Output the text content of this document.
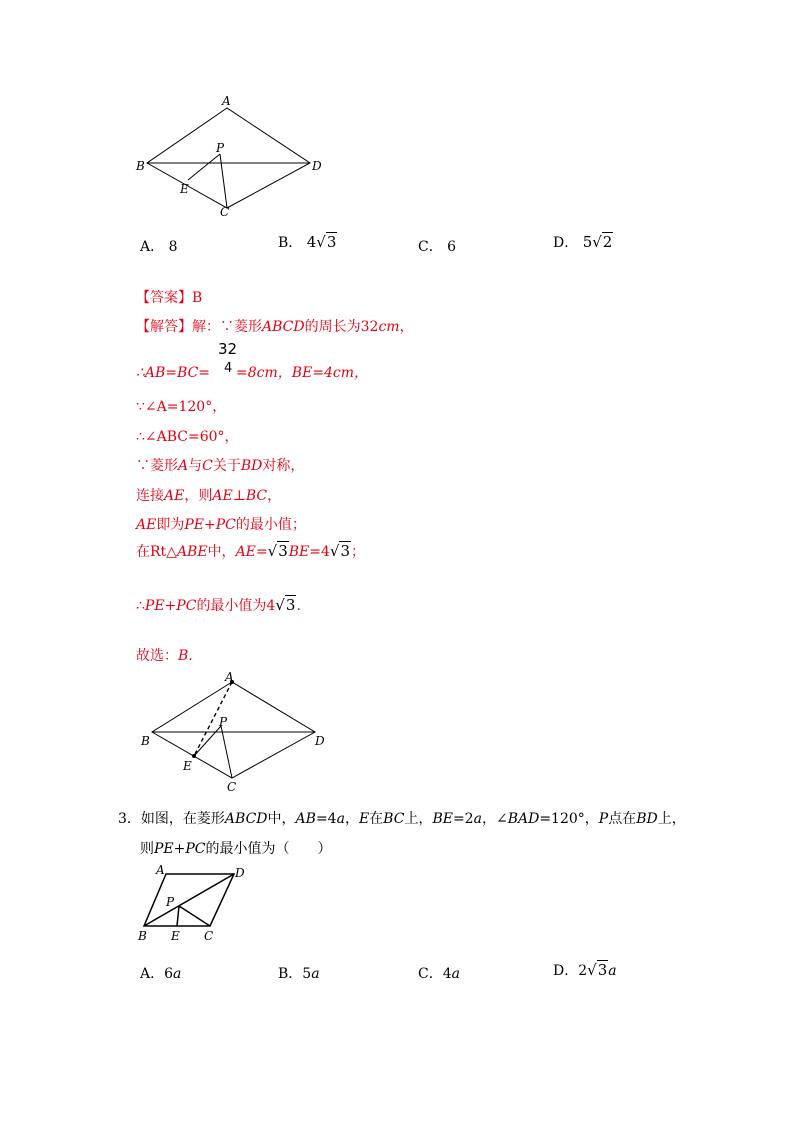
A
B
C
D
P
E
A． 8	B． 4√3	C． 6	D． 5√2
【答案】B
【解答】解：∵菱形ABCD的周长为32cm，
∴AB=BC= =8cm，BE=4cm，
32
4
∵∠A=120°，
∴∠ABC=60°，
∵菱形A与C关于BD对称，
连接AE，则AE⊥BC，
AE即为PE+PC的最小值；
在Rt△ABE中，AE=√3BE=4√3；
∴PE+PC的最小值为4√3.
故选：B.
A
B
C
D
P
E
3．如图，在菱形ABCD中，AB=4a，E在BC上，BE=2a，∠BAD=120°，P点在BD上，
则PE+PC的最小值为（　　）
A	D
P
B E C
A．6a	B．5a	C．4a	D．2√3a
